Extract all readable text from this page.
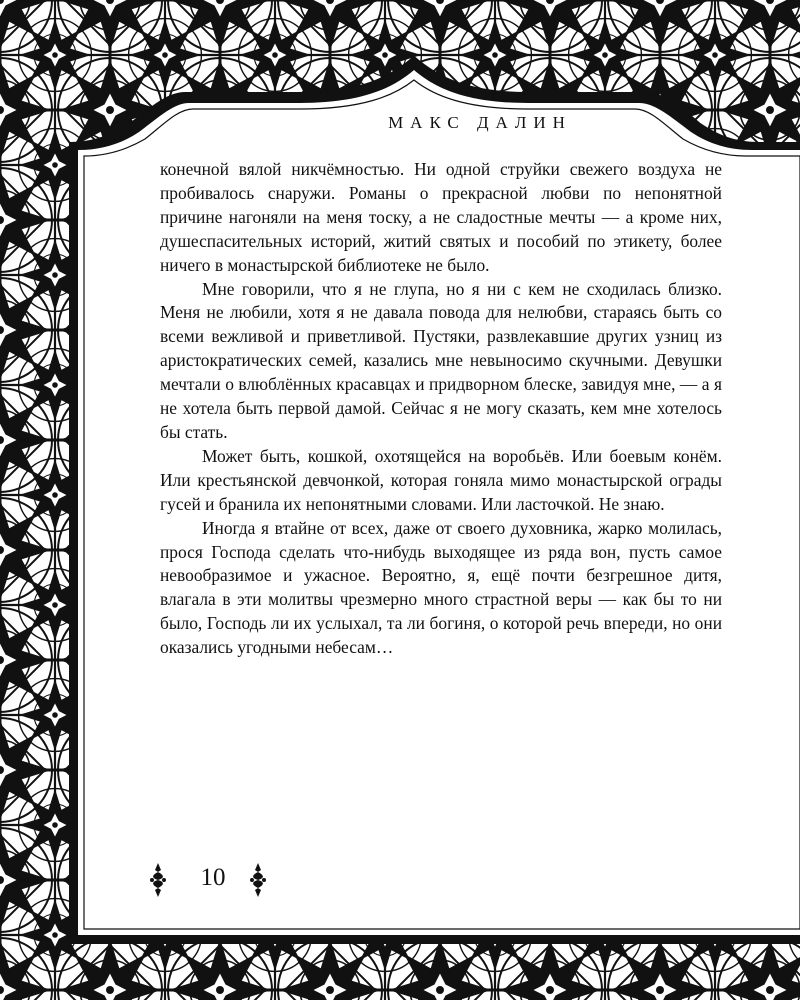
МАКС ДАЛИН

конечной вялой никчёмностью. Ни одной струйки свежего воздуха не пробивалось снаружи. Романы о прекрасной любви по непонятной причине нагоняли на меня тоску, а не сладостные мечты — а кроме них, душеспасительных историй, житий святых и пособий по этикету, более ничего в монастырской библиотеке не было.

Мне говорили, что я не глупа, но я ни с кем не сходилась близко. Меня не любили, хотя я не давала повода для нелюбви, стараясь быть со всеми вежливой и приветливой. Пустяки, развлекавшие других узниц из аристократических семей, казались мне невыносимо скучными. Девушки мечтали о влюблённых красавцах и придворном блеске, завидуя мне, — а я не хотела быть первой дамой. Сейчас я не могу сказать, кем мне хотелось бы стать.

Может быть, кошкой, охотящейся на воробьёв. Или боевым конём. Или крестьянской девчонкой, которая гоняла мимо монастырской ограды гусей и бранила их непонятными словами. Или ласточкой. Не знаю.

Иногда я втайне от всех, даже от своего духовника, жарко молилась, прося Господа сделать что-нибудь выходящее из ряда вон, пусть самое невообразимое и ужасное. Вероятно, я, ещё почти безгрешное дитя, влагала в эти молитвы чрезмерно много страстной веры — как бы то ни было, Господь ли их услыхал, та ли богиня, о которой речь впереди, но они оказались угодными небесам…

10
